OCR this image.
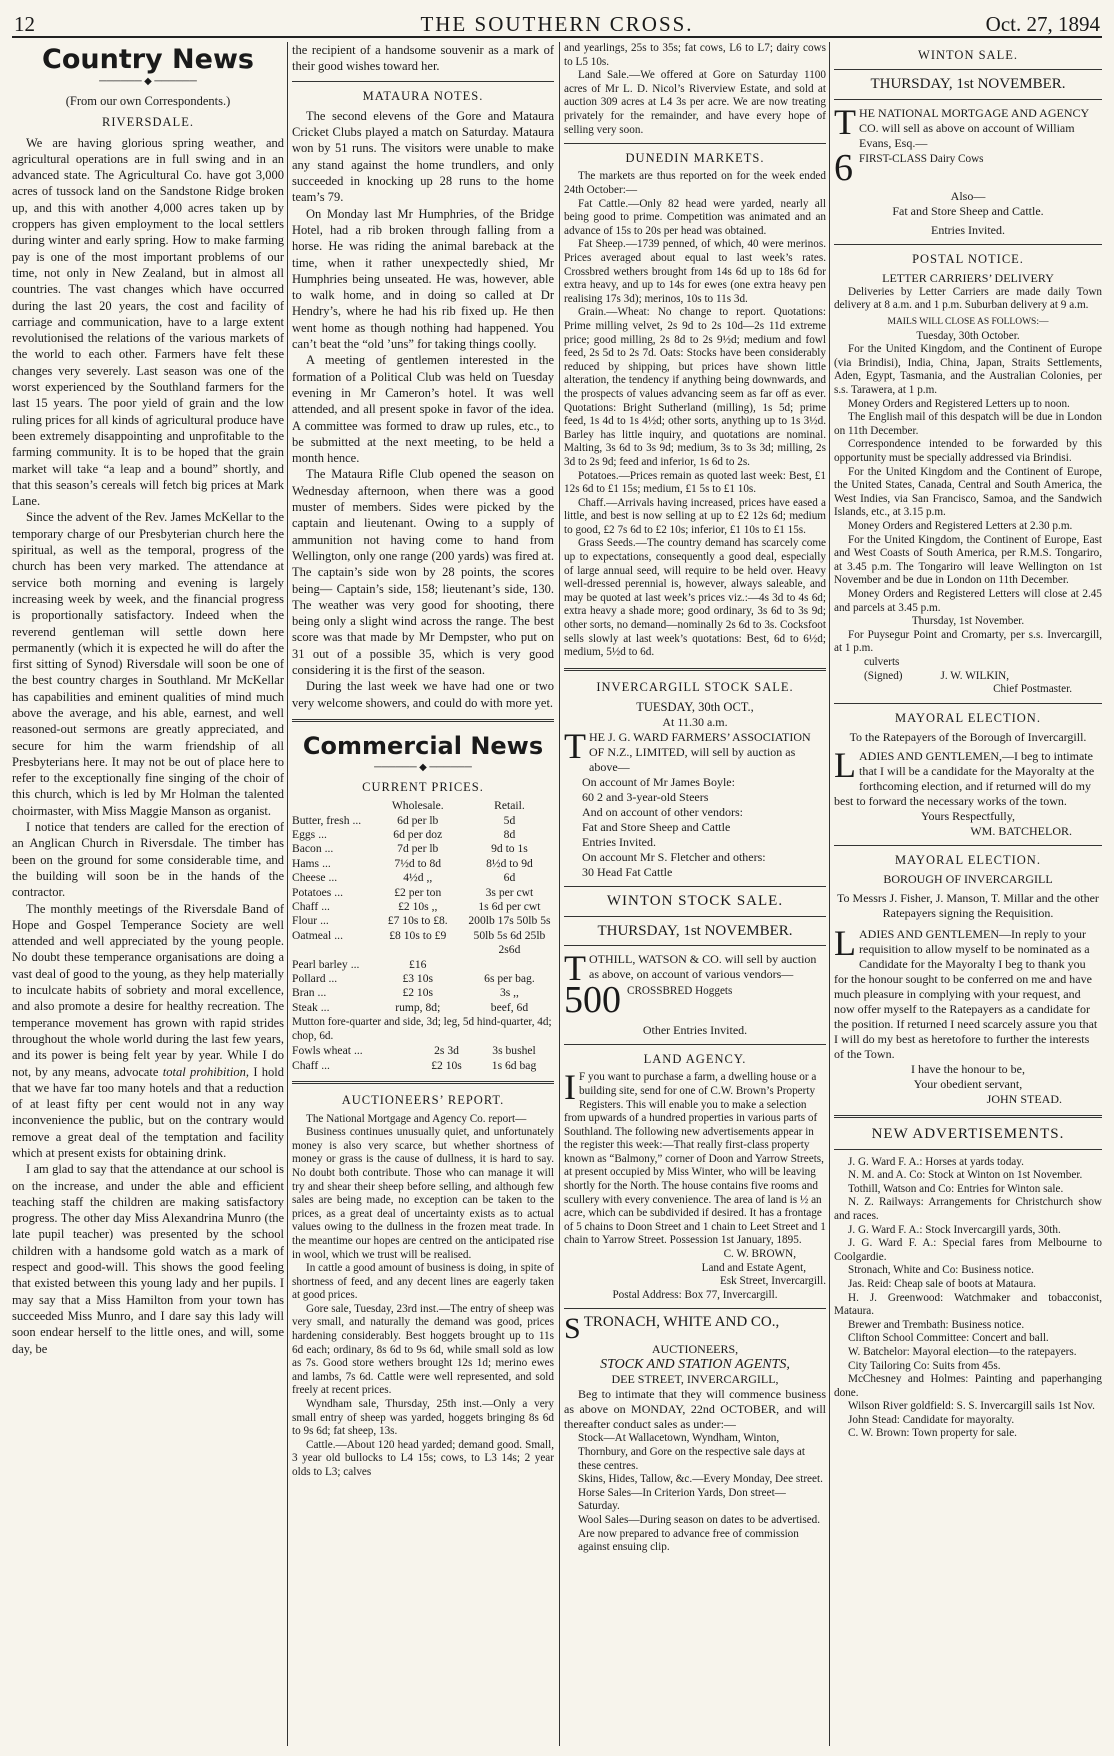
12	THE SOUTHERN CROSS.	Oct. 27, 1894
Country News
────── ◆ ──────
(From our own Correspondents.)
RIVERSDALE.

We are having glorious spring weather, and agricultural operations are in full swing and in an advanced state. The Agricultural Co. have got 3,000 acres of tussock land on the Sandstone Ridge broken up, and this with another 4,000 acres taken up by croppers has given employment to the local settlers during winter and early spring. How to make farming pay is one of the most important problems of our time, not only in New Zealand, but in almost all countries. The vast changes which have occurred during the last 20 years, the cost and facility of carriage and communication, have to a large extent revolutionised the relations of the various markets of the world to each other. Farmers have felt these changes very severely. Last season was one of the worst experienced by the Southland farmers for the last 15 years. The poor yield of grain and the low ruling prices for all kinds of agricultural produce have been extremely disappointing and unprofitable to the farming community. It is to be hoped that the grain market will take “a leap and a bound” shortly, and that this season’s cereals will fetch big prices at Mark Lane.

Since the advent of the Rev. James McKellar to the temporary charge of our Presbyterian church here the spiritual, as well as the temporal, progress of the church has been very marked. The attendance at service both morning and evening is largely increasing week by week, and the financial progress is proportionally satisfactory. Indeed when the reverend gentleman will settle down here permanently (which it is expected he will do after the first sitting of Synod) Riversdale will soon be one of the best country charges in Southland. Mr McKellar has capabilities and eminent qualities of mind much above the average, and his able, earnest, and well reasoned-out sermons are greatly appreciated, and secure for him the warm friendship of all Presbyterians here. It may not be out of place here to refer to the exceptionally fine singing of the choir of this church, which is led by Mr Holman the talented choirmaster, with Miss Maggie Manson as organist.

I notice that tenders are called for the erection of an Anglican Church in Riversdale. The timber has been on the ground for some considerable time, and the building will soon be in the hands of the contractor.

The monthly meetings of the Riversdale Band of Hope and Gospel Temperance Society are well attended and well appreciated by the young people. No doubt these temperance organisations are doing a vast deal of good to the young, as they help materially to inculcate habits of sobriety and moral excellence, and also promote a desire for healthy recreation. The temperance movement has grown with rapid strides throughout the whole world during the last few years, and its power is being felt year by year. While I do not, by any means, advocate total prohibition, I hold that we have far too many hotels and that a reduction of at least fifty per cent would not in any way inconvenience the public, but on the contrary would remove a great deal of the temptation and facility which at present exists for obtaining drink.

I am glad to say that the attendance at our school is on the increase, and under the able and efficient teaching staff the children are making satisfactory progress. The other day Miss Alexandrina Munro (the late pupil teacher) was presented by the school children with a handsome gold watch as a mark of respect and good-will. This shows the good feeling that existed between this young lady and her pupils. I may say that a Miss Hamilton from your town has succeeded Miss Munro, and I dare say this lady will soon endear herself to the little ones, and will, some day, be

the recipient of a handsome souvenir as a mark of their good wishes toward her.

MATAURA NOTES.

The second elevens of the Gore and Mataura Cricket Clubs played a match on Saturday. Mataura won by 51 runs. The visitors were unable to make any stand against the home trundlers, and only succeeded in knocking up 28 runs to the home team’s 79.

On Monday last Mr Humphries, of the Bridge Hotel, had a rib broken through falling from a horse. He was riding the animal bareback at the time, when it rather unexpectedly shied, Mr Humphries being unseated. He was, however, able to walk home, and in doing so called at Dr Hendry’s, where he had his rib fixed up. He then went home as though nothing had happened. You can’t beat the “old ’uns” for taking things coolly.

A meeting of gentlemen interested in the formation of a Political Club was held on Tuesday evening in Mr Cameron’s hotel. It was well attended, and all present spoke in favor of the idea. A committee was formed to draw up rules, etc., to be submitted at the next meeting, to be held a month hence.

The Mataura Rifle Club opened the season on Wednesday afternoon, when there was a good muster of members. Sides were picked by the captain and lieutenant. Owing to a supply of ammunition not having come to hand from Wellington, only one range (200 yards) was fired at. The captain’s side won by 28 points, the scores being— Captain’s side, 158; lieutenant’s side, 130. The weather was very good for shooting, there being only a slight wind across the range. The best score was that made by Mr Dempster, who put on 31 out of a possible 35, which is very good considering it is the first of the season.

During the last week we have had one or two very welcome showers, and could do with more yet.

Commercial News
────── ◆ ──────
CURRENT PRICES.
	Wholesale.	Retail.
Butter, fresh ...	6d per lb	5d
Eggs ...	6d per doz	8d
Bacon ...	7d per lb	9d to 1s
Hams ...	7½d to 8d	8½d to 9d
Cheese ...	4½d ,,	6d
Potatoes ...	£2 per ton	3s per cwt
Chaff ...	£2 10s ,,	1s 6d per cwt
Flour ...	£7 10s to £8.	200lb 17s 50lb 5s
Oatmeal ...	£8 10s to £9	50lb 5s 6d 25lb 2s6d
Pearl barley ...	£16	
Pollard ...	£3 10s	6s per bag.
Bran ...	£2 10s	3s ,,
Steak ...	rump, 8d;	beef, 6d
Mutton fore-quarter and side, 3d; leg, 5d hind-quarter, 4d; chop, 6d.
Fowls wheat ...	2s 3d	3s bushel
Chaff ...	£2 10s	1s 6d bag
AUCTIONEERS’ REPORT.

The National Mortgage and Agency Co. report—

Business continues unusually quiet, and unfortunately money is also very scarce, but whether shortness of money or grass is the cause of dullness, it is hard to say. No doubt both contribute. Those who can manage it will try and shear their sheep before selling, and although few sales are being made, no exception can be taken to the prices, as a great deal of uncertainty exists as to actual values owing to the dullness in the frozen meat trade. In the meantime our hopes are centred on the anticipated rise in wool, which we trust will be realised.

In cattle a good amount of business is doing, in spite of shortness of feed, and any decent lines are eagerly taken at good prices.

Gore sale, Tuesday, 23rd inst.—The entry of sheep was very small, and naturally the demand was good, prices hardening considerably. Best hoggets brought up to 11s 6d each; ordinary, 8s 6d to 9s 6d, while small sold as low as 7s. Good store wethers brought 12s 1d; merino ewes and lambs, 7s 6d. Cattle were well represented, and sold freely at recent prices.

Wyndham sale, Thursday, 25th inst.—Only a very small entry of sheep was yarded, hoggets bringing 8s 6d to 9s 6d; fat sheep, 13s.

Cattle.—About 120 head yarded; demand good. Small, 3 year old bullocks to L4 15s; cows, to L3 14s; 2 year olds to L3; calves

and yearlings, 25s to 35s; fat cows, L6 to L7; dairy cows to L5 10s.

Land Sale.—We offered at Gore on Saturday 1100 acres of Mr L. D. Nicol’s Riverview Estate, and sold at auction 309 acres at L4 3s per acre. We are now treating privately for the remainder, and have every hope of selling very soon.

DUNEDIN MARKETS.

The markets are thus reported on for the week ended 24th October:—

Fat Cattle.—Only 82 head were yarded, nearly all being good to prime. Competition was animated and an advance of 15s to 20s per head was obtained.

Fat Sheep.—1739 penned, of which, 40 were merinos. Prices averaged about equal to last week’s rates. Crossbred wethers brought from 14s 6d up to 18s 6d for extra heavy, and up to 14s for ewes (one extra heavy pen realising 17s 3d); merinos, 10s to 11s 3d.

Grain.—Wheat: No change to report. Quotations: Prime milling velvet, 2s 9d to 2s 10d—2s 11d extreme price; good milling, 2s 8d to 2s 9½d; medium and fowl feed, 2s 5d to 2s 7d. Oats: Stocks have been considerably reduced by shipping, but prices have shown little alteration, the tendency if anything being downwards, and the prospects of values advancing seem as far off as ever. Quotations: Bright Sutherland (milling), 1s 5d; prime feed, 1s 4d to 1s 4½d; other sorts, anything up to 1s 3½d. Barley has little inquiry, and quotations are nominal. Malting, 3s 6d to 3s 9d; medium, 3s to 3s 3d; milling, 2s 3d to 2s 9d; feed and inferior, 1s 6d to 2s.

Potatoes.—Prices remain as quoted last week: Best, £1 12s 6d to £1 15s; medium, £1 5s to £1 10s.

Chaff.—Arrivals having increased, prices have eased a little, and best is now selling at up to £2 12s 6d; medium to good, £2 7s 6d to £2 10s; inferior, £1 10s to £1 15s.

Grass Seeds.—The country demand has scarcely come up to expectations, consequently a good deal, especially of large annual seed, will require to be held over. Heavy well-dressed perennial is, however, always saleable, and may be quoted at last week’s prices viz.:—4s 3d to 4s 6d; extra heavy a shade more; good ordinary, 3s 6d to 3s 9d; other sorts, no demand—nominally 2s 6d to 3s. Cocksfoot sells slowly at last week’s quotations: Best, 6d to 6½d; medium, 5½d to 6d.

INVERCARGILL STOCK SALE.
TUESDAY, 30th OCT.,
At 11.30 a.m.
THE J. G. WARD FARMERS’ ASSOCIATION OF N.Z., LIMITED, will sell by auction as above—
On account of Mr James Boyle:
60 2 and 3-year-old Steers
And on account of other vendors:
Fat and Store Sheep and Cattle
Entries Invited.
On account Mr S. Fletcher and others:
30 Head Fat Cattle
WINTON STOCK SALE.
THURSDAY, 1st NOVEMBER.
TOTHILL, WATSON & CO. will sell by auction as above, on account of various vendors—
500 CROSSBRED Hoggets
Other Entries Invited.
LAND AGENCY.
I F you want to purchase a farm, a dwelling house or a building site, send for one of C.W. Brown’s Property Registers. This will enable you to make a selection from upwards of a hundred properties in various parts of Southland. The following new advertisements appear in the register this week:—That really first-class property known as “Balmony,” corner of Doon and Yarrow Streets, at present occupied by Miss Winter, who will be leaving shortly for the North. The house contains five rooms and scullery with every convenience. The area of land is ½ an acre, which can be subdivided if desired. It has a frontage of 5 chains to Doon Street and 1 chain to Leet Street and 1 chain to Yarrow Street. Possession 1st January, 1895.
C. W. BROWN,
Land and Estate Agent,
Esk Street, Invercargill.
Postal Address: Box 77, Invercargill.
STRONACH, WHITE AND CO.,
AUCTIONEERS,
STOCK AND STATION AGENTS,
DEE STREET, INVERCARGILL,

Beg to intimate that they will commence business as above on MONDAY, 22nd OCTOBER, and will thereafter conduct sales as under:—

Stock—At Wallacetown, Wyndham, Winton, Thornbury, and Gore on the respective sale days at these centres.
Skins, Hides, Tallow, &c.—Every Monday, Dee street.
Horse Sales—In Criterion Yards, Don street—Saturday.
Wool Sales—During season on dates to be advertised. Are now prepared to advance free of commission against ensuing clip.
WINTON SALE.
THURSDAY, 1st NOVEMBER.
THE NATIONAL MORTGAGE AND AGENCY CO. will sell as above on account of William Evans, Esq.—
6 FIRST-CLASS Dairy Cows
Also—
Fat and Store Sheep and Cattle.
Entries Invited.
POSTAL NOTICE.
LETTER CARRIERS’ DELIVERY

Deliveries by Letter Carriers are made daily Town delivery at 8 a.m. and 1 p.m. Suburban delivery at 9 a.m.

MAILS WILL CLOSE AS FOLLOWS:—
Tuesday, 30th October.

For the United Kingdom, and the Continent of Europe (via Brindisi), India, China, Japan, Straits Settlements, Aden, Egypt, Tasmania, and the Australian Colonies, per s.s. Tarawera, at 1 p.m.

Money Orders and Registered Letters up to noon.

The English mail of this despatch will be due in London on 11th December.

Correspondence intended to be forwarded by this opportunity must be specially addressed via Brindisi.

For the United Kingdom and the Continent of Europe, the United States, Canada, Central and South America, the West Indies, via San Francisco, Samoa, and the Sandwich Islands, etc., at 3.15 p.m.

Money Orders and Registered Letters at 2.30 p.m.

For the United Kingdom, the Continent of Europe, East and West Coasts of South America, per R.M.S. Tongariro, at 3.45 p.m. The Tongariro will leave Wellington on 1st November and be due in London on 11th December.

Money Orders and Registered Letters will close at 2.45 and parcels at 3.45 p.m.

Thursday, 1st November.

For Puysegur Point and Cromarty, per s.s. Invercargill, at 1 p.m.

culverts
(Signed)	J. W. WILKIN,
Chief Postmaster.
MAYORAL ELECTION.
To the Ratepayers of the Borough of Invercargill.
LADIES AND GENTLEMEN,—I beg to intimate that I will be a candidate for the Mayoralty at the forthcoming election, and if returned will do my best to forward the necessary works of the town.
Yours Respectfully,
WM. BATCHELOR.
MAYORAL ELECTION.
BOROUGH OF INVERCARGILL
To Messrs J. Fisher, J. Manson, T. Millar and the other Ratepayers signing the Requisition.
LADIES AND GENTLEMEN—In reply to your requisition to allow myself to be nominated as a Candidate for the Mayoralty I beg to thank you for the honour sought to be conferred on me and have much pleasure in complying with your request, and now offer myself to the Ratepayers as a candidate for the position. If returned I need scarcely assure you that I will do my best as heretofore to further the interests of the Town.
I have the honour to be,
Your obedient servant,
JOHN STEAD.
NEW ADVERTISEMENTS.
J. G. Ward F. A.: Horses at yards today.
N. M. and A. Co: Stock at Winton on 1st November.
Tothill, Watson and Co: Entries for Winton sale.
N. Z. Railways: Arrangements for Christchurch show and races.
J. G. Ward F. A.: Stock Invercargill yards, 30th.
J. G. Ward F. A.: Special fares from Melbourne to Coolgardie.
Stronach, White and Co: Business notice.
Jas. Reid: Cheap sale of boots at Mataura.
H. J. Greenwood: Watchmaker and tobacconist, Mataura.
Brewer and Trembath: Business notice.
Clifton School Committee: Concert and ball.
W. Batchelor: Mayoral election—to the ratepayers.
City Tailoring Co: Suits from 45s.
McChesney and Holmes: Painting and paperhanging done.
Wilson River goldfield: S. S. Invercargill sails 1st Nov.
John Stead: Candidate for mayoralty.
C. W. Brown: Town property for sale.
